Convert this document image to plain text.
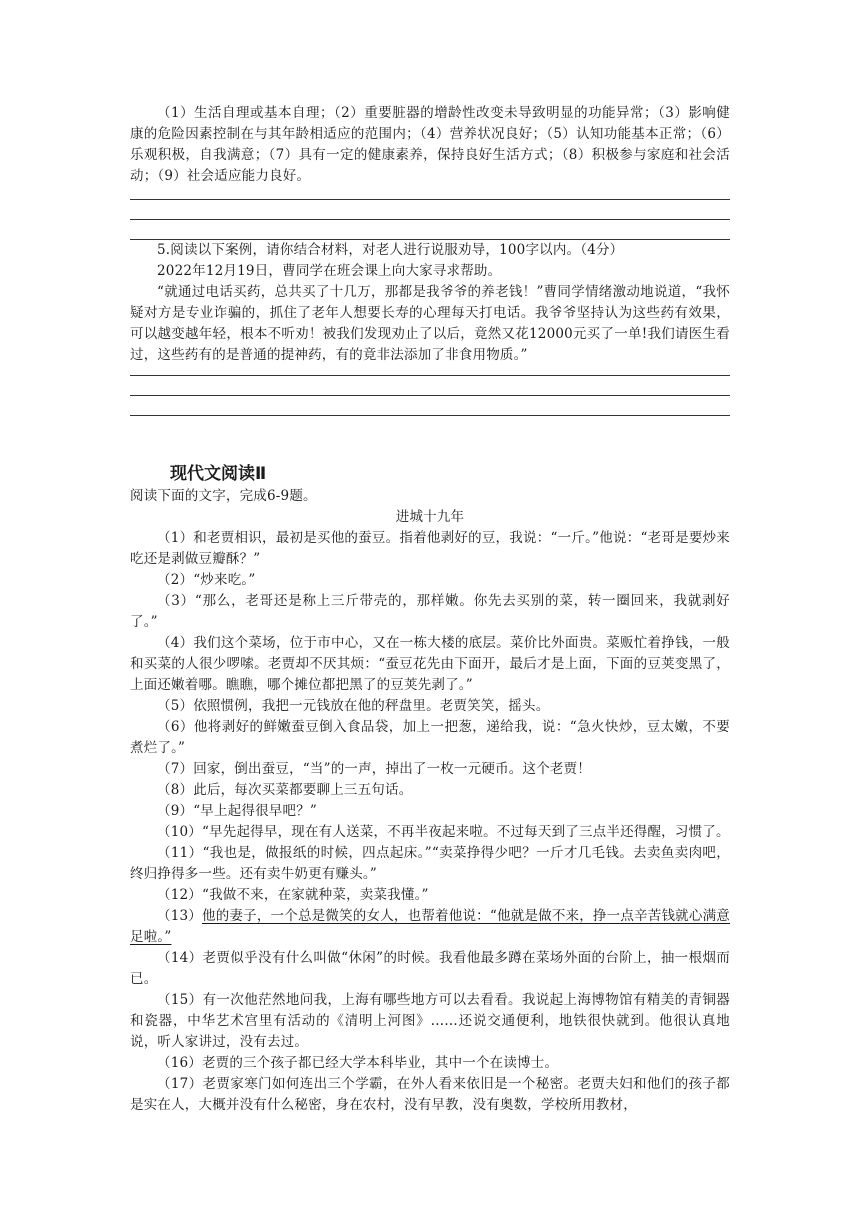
（1）生活自理或基本自理；（2）重要脏器的增龄性改变未导致明显的功能异常；（3）影响健康的危险因素控制在与其年龄相适应的范围内；（4）营养状况良好；（5）认知功能基本正常；（6）乐观积极，自我满意；（7）具有一定的健康素养，保持良好生活方式；（8）积极参与家庭和社会活动；（9）社会适应能力良好。

5.阅读以下案例，请你结合材料，对老人进行说服劝导，100字以内。（4分）

2022年12月19日，曹同学在班会课上向大家寻求帮助。

“就通过电话买药，总共买了十几万，那都是我爷爷的养老钱！”曹同学情绪激动地说道，“我怀疑对方是专业诈骗的，抓住了老年人想要长寿的心理每天打电话。我爷爷坚持认为这些药有效果，可以越变越年轻，根本不听劝！被我们发现劝止了以后，竟然又花12000元买了一单!我们请医生看过，这些药有的是普通的提神药，有的竟非法添加了非食用物质。”

现代文阅读Ⅱ

阅读下面的文字，完成6-9题。

进城十九年

（1）和老贾相识，最初是买他的蚕豆。指着他剥好的豆，我说：“一斤。”他说：“老哥是要炒来吃还是剥做豆瓣酥？”

（2）“炒来吃。”

（3）“那么，老哥还是称上三斤带壳的，那样嫩。你先去买别的菜，转一圈回来，我就剥好了。”

（4）我们这个菜场，位于市中心，又在一栋大楼的底层。菜价比外面贵。菜贩忙着挣钱，一般和买菜的人很少啰嗦。老贾却不厌其烦：“蚕豆花先由下面开，最后才是上面，下面的豆荚变黑了，上面还嫩着哪。瞧瞧，哪个摊位都把黑了的豆荚先剥了。”

（5）依照惯例，我把一元钱放在他的秤盘里。老贾笑笑，摇头。

（6）他将剥好的鲜嫩蚕豆倒入食品袋，加上一把葱，递给我，说：“急火快炒，豆太嫩，不要煮烂了。”

（7）回家，倒出蚕豆，“当”的一声，掉出了一枚一元硬币。这个老贾！

（8）此后，每次买菜都要聊上三五句话。

（9）“早上起得很早吧？”

（10）“早先起得早，现在有人送菜，不再半夜起来啦。不过每天到了三点半还得醒，习惯了。

（11）“我也是，做报纸的时候，四点起床。”“卖菜挣得少吧？一斤才几毛钱。去卖鱼卖肉吧，终归挣得多一些。还有卖牛奶更有赚头。”

（12）“我做不来，在家就种菜，卖菜我懂。”

（13）他的妻子，一个总是微笑的女人，也帮着他说：“他就是做不来，挣一点辛苦钱就心满意足啦。”

（14）老贾似乎没有什么叫做“休闲”的时候。我看他最多蹲在菜场外面的台阶上，抽一根烟而已。

（15）有一次他茫然地问我，上海有哪些地方可以去看看。我说起上海博物馆有精美的青铜器和瓷器，中华艺术宫里有活动的《清明上河图》……还说交通便利，地铁很快就到。他很认真地说，听人家讲过，没有去过。

（16）老贾的三个孩子都已经大学本科毕业，其中一个在读博士。

（17）老贾家寒门如何连出三个学霸，在外人看来依旧是一个秘密。老贾夫妇和他们的孩子都是实在人，大概并没有什么秘密，身在农村，没有早教，没有奥数，学校所用教材，
